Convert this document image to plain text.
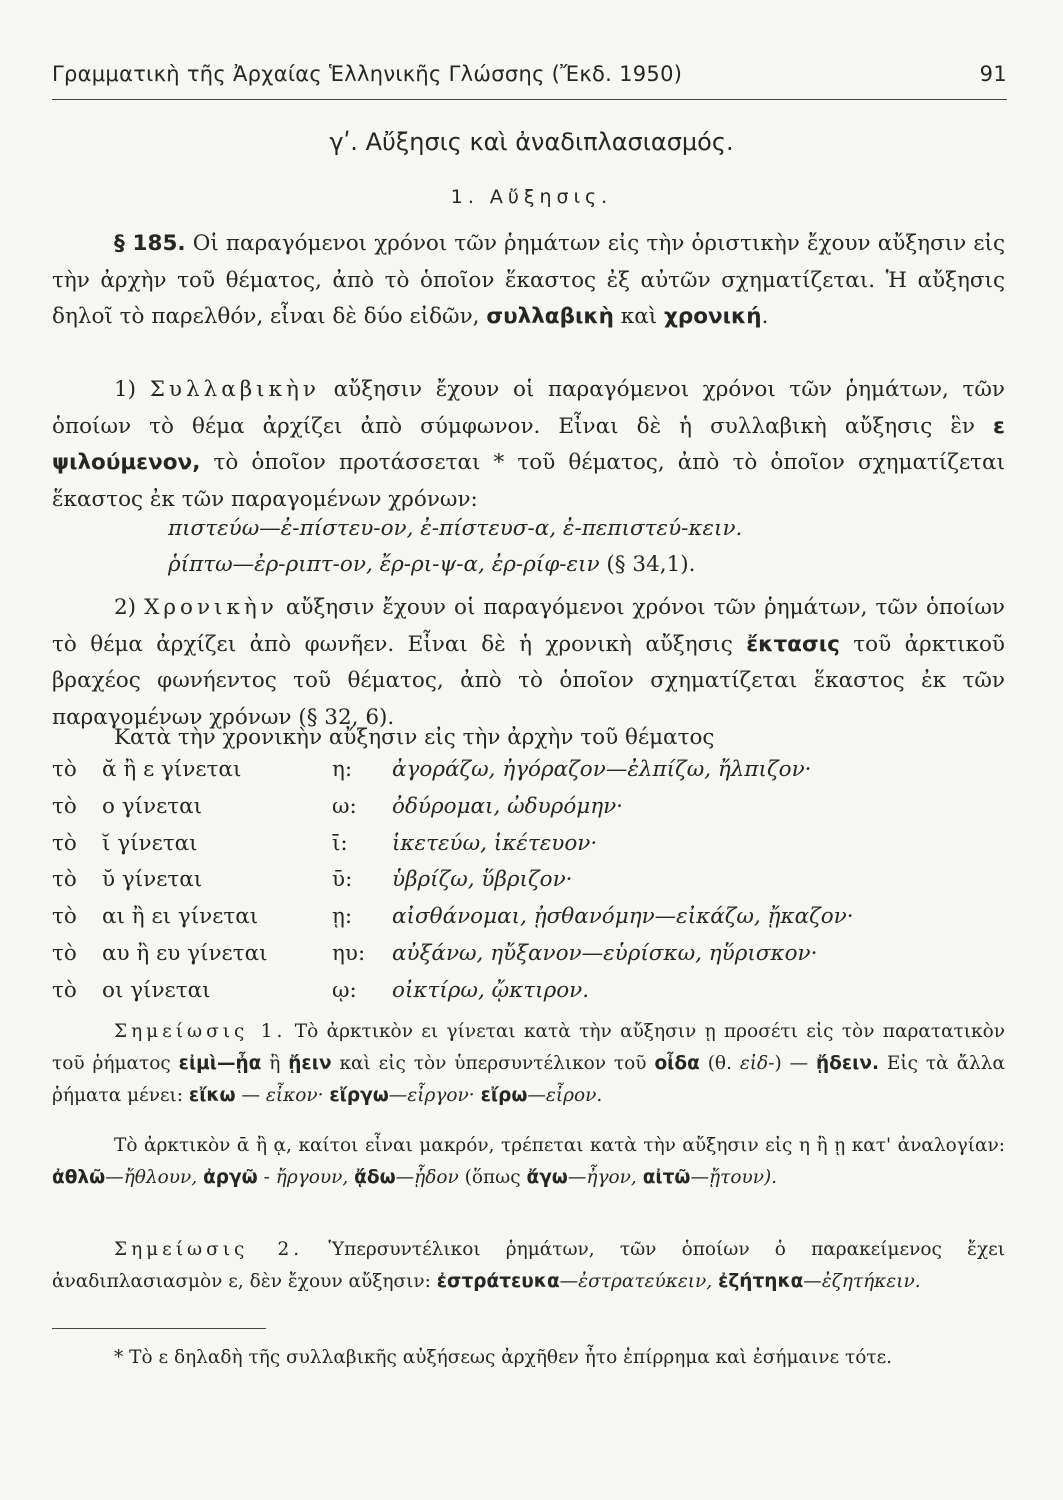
Γραμματικὴ τῆς Ἀρχαίας Ἑλληνικῆς Γλώσσης (Ἔκδ. 1950)	91
γʹ. Αὔξησις καὶ ἀναδιπλασιασμός.
1. Αὔξησις.

§ 185. Οἱ παραγόμενοι χρόνοι τῶν ῥημάτων εἰς τὴν ὁριστικὴν ἔχουν αὔξησιν εἰς τὴν ἀρχὴν τοῦ θέματος, ἀπὸ τὸ ὁποῖον ἕκαστος ἐξ αὐτῶν σχηματίζεται. Ἡ αὔξησις δηλοῖ τὸ παρελθόν, εἶναι δὲ δύο εἰδῶν, συλλαβικὴ καὶ χρονική.

1) Συλλαβικὴν αὔξησιν ἔχουν οἱ παραγόμενοι χρόνοι τῶν ῥημάτων, τῶν ὁποίων τὸ θέμα ἀρχίζει ἀπὸ σύμφωνον. Εἶναι δὲ ἡ συλλαβικὴ αὔξησις ἓν ε ψιλούμενον, τὸ ὁποῖον προτάσσεται * τοῦ θέματος, ἀπὸ τὸ ὁποῖον σχηματίζεται ἕκαστος ἐκ τῶν παραγομένων χρόνων:

πιστεύω—ἐ-πίστευ-ον, ἐ-πίστευσ-α, ἐ-πεπιστεύ-κειν.
ῥίπτω—ἐρ-ριπτ-ον, ἔρ-ρι-ψ-α, ἐρ-ρίφ-ειν (§ 34,1).

2) Χρονικὴν αὔξησιν ἔχουν οἱ παραγόμενοι χρόνοι τῶν ῥημάτων, τῶν ὁποίων τὸ θέμα ἀρχίζει ἀπὸ φωνῆεν. Εἶναι δὲ ἡ χρονικὴ αὔξησις ἔκτασις τοῦ ἀρκτικοῦ βραχέος φωνήεντος τοῦ θέματος, ἀπὸ τὸ ὁποῖον σχηματίζεται ἕκαστος ἐκ τῶν παραγομένων χρόνων (§ 32, 6).

Κατὰ τὴν χρονικὴν αὔξησιν εἰς τὴν ἀρχὴν τοῦ θέματος

τὸ ᾰ ἢ ε γίνεται	η: ἀγοράζω, ἠγόραζον—ἐλπίζω, ἤλπιζον·
τὸ ο γίνεται	ω: ὀδύρομαι, ὠδυρόμην·
τὸ ῐ γίνεται	ῑ: ἱκετεύω, ἱκέτευον·
τὸ ῠ γίνεται	ῡ: ὑβρίζω, ὕβριζον·
τὸ αι ἢ ει γίνεται	ῃ: αἰσθάνομαι, ᾐσθανόμην—εἰκάζω, ᾔκαζον·
τὸ αυ ἢ ευ γίνεται	ηυ: αὐξάνω, ηὔξανον—εὑρίσκω, ηὕρισκον·
τὸ οι γίνεται	ῳ: οἰκτίρω, ᾤκτιρον.

Σημείωσις 1. Τὸ ἀρκτικὸν ει γίνεται κατὰ τὴν αὔξησιν ῃ προσέτι εἰς τὸν παρατατικὸν τοῦ ῥήματος εἰμὶ—ᾖα ἢ ᾔειν καὶ εἰς τὸν ὑπερσυντέλικον τοῦ οἶδα (θ. εἰδ-) — ᾔδειν. Εἰς τὰ ἄλλα ῥήματα μένει: εἴκω — εἶκον· εἴργω—εἶργον· εἴρω—εἶρον.

Τὸ ἀρκτικὸν ᾱ ἢ ᾳ, καίτοι εἶναι μακρόν, τρέπεται κατὰ τὴν αὔξησιν εἰς η ἢ ῃ κατ' ἀναλογίαν: ἀθλῶ—ἤθλουν, ἀργῶ - ἤργουν, ᾄδω—ᾖδον (ὅπως ἄγω—ἦγον, αἰτῶ—ᾔτουν).

Σημείωσις 2. Ὑπερσυντέλικοι ῥημάτων, τῶν ὁποίων ὁ παρακείμενος ἔχει ἀναδιπλασιασμὸν ε, δὲν ἔχουν αὔξησιν: ἐστράτευκα—ἐστρατεύκειν, ἐζήτηκα—ἐζητήκειν.

* Τὸ ε δηλαδὴ τῆς συλλαβικῆς αὐξήσεως ἀρχῆθεν ἦτο ἐπίρρημα καὶ ἐσήμαινε τότε.
